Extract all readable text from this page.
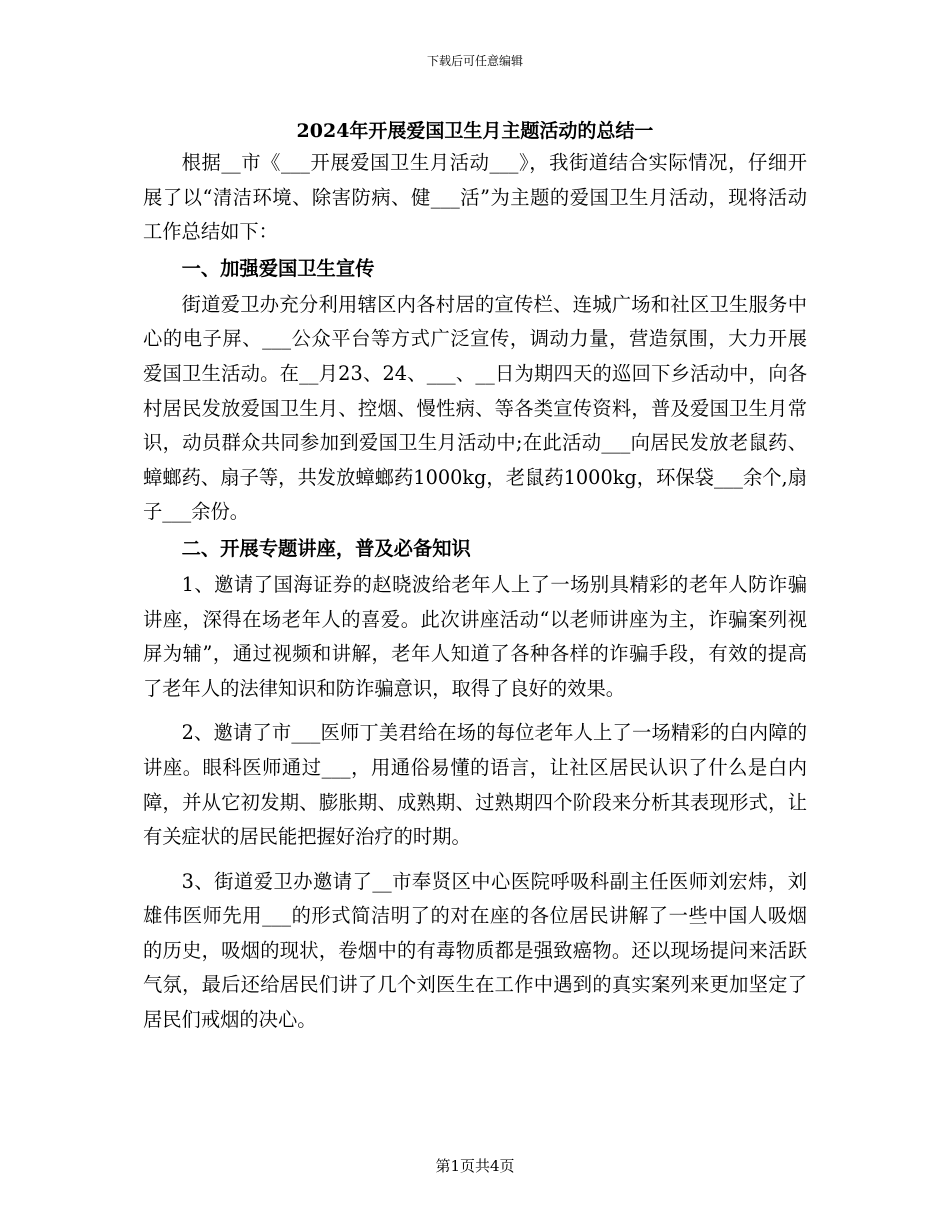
下载后可任意编辑
2024年开展爱国卫生月主题活动的总结一

根据__市《___开展爱国卫生月活动___》，我街道结合实际情况，仔细开展了以“清洁环境、除害防病、健___活”为主题的爱国卫生月活动，现将活动工作总结如下：

一、加强爱国卫生宣传

街道爱卫办充分利用辖区内各村居的宣传栏、连城广场和社区卫生服务中心的电子屏、___公众平台等方式广泛宣传，调动力量，营造氛围，大力开展爱国卫生活动。在__月23、24、___、__日为期四天的巡回下乡活动中，向各村居民发放爱国卫生月、控烟、慢性病、等各类宣传资料，普及爱国卫生月常识，动员群众共同参加到爱国卫生月活动中;在此活动___向居民发放老鼠药、蟑螂药、扇子等，共发放蟑螂药1000kg，老鼠药1000kg，环保袋___余个,扇子___余份。

二、开展专题讲座，普及必备知识

1、邀请了国海证券的赵晓波给老年人上了一场别具精彩的老年人防诈骗讲座，深得在场老年人的喜爱。此次讲座活动“以老师讲座为主，诈骗案列视屏为辅”，通过视频和讲解，老年人知道了各种各样的诈骗手段，有效的提高了老年人的法律知识和防诈骗意识，取得了良好的效果。

2、邀请了市___医师丁美君给在场的每位老年人上了一场精彩的白内障的讲座。眼科医师通过___，用通俗易懂的语言，让社区居民认识了什么是白内障，并从它初发期、膨胀期、成熟期、过熟期四个阶段来分析其表现形式，让有关症状的居民能把握好治疗的时期。

3、街道爱卫办邀请了__市奉贤区中心医院呼吸科副主任医师刘宏炜，刘雄伟医师先用___的形式简洁明了的对在座的各位居民讲解了一些中国人吸烟的历史，吸烟的现状，卷烟中的有毒物质都是强致癌物。还以现场提问来活跃气氛，最后还给居民们讲了几个刘医生在工作中遇到的真实案列来更加坚定了居民们戒烟的决心。

第1页共4页
